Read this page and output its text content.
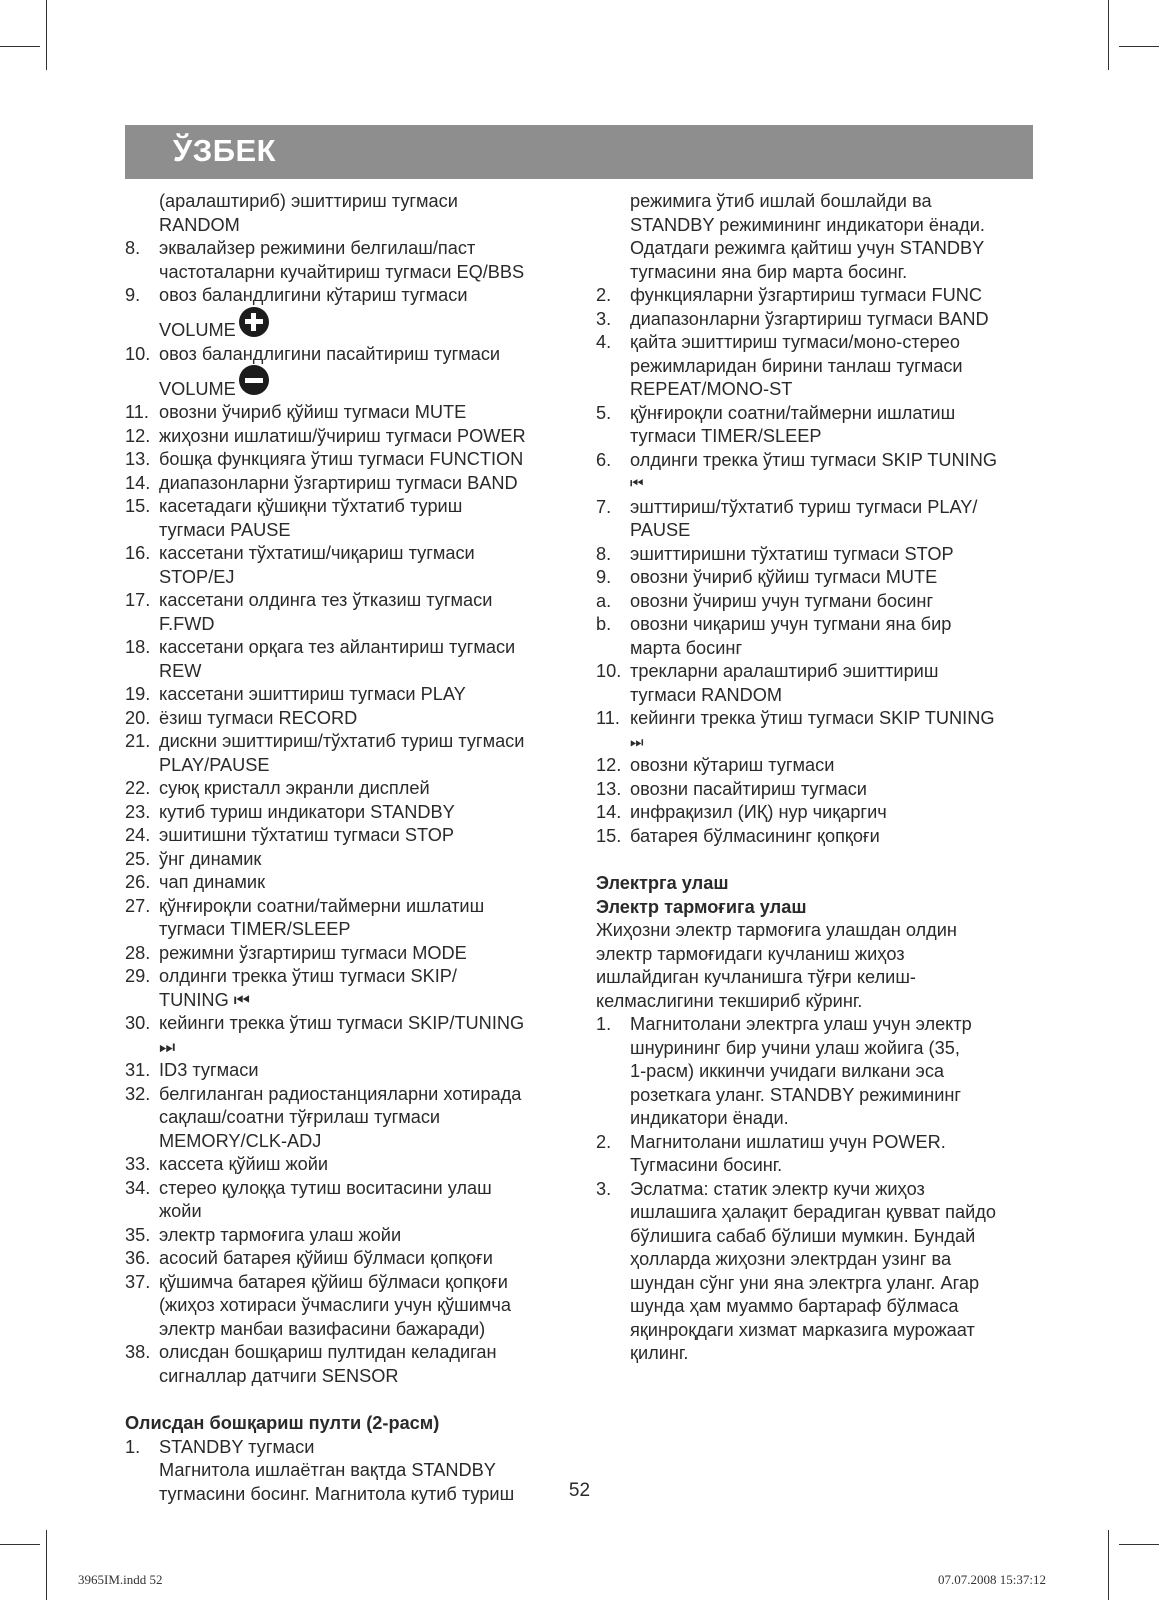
ЎЗБЕК
(аралаштириб) эшиттириш тугмаси
RANDOM
8. эквалайзер режимини белгилаш/паст
частоталарни кучайтириш тугмаси EQ/BBS
9. овоз баландлигини кўтариш тугмаси
VOLUME
10. овоз баландлигини пасайтириш тугмаси
VOLUME
11. овозни ўчириб қўйиш тугмаси MUTE
12. жиҳозни ишлатиш/ўчириш тугмаси POWER
13. бошқа функцияга ўтиш тугмаси FUNCTION
14. диапазонларни ўзгартириш тугмаси BAND
15. касетадаги қўшиқни тўхтатиб туриш
тугмаси PAUSE
16. кассетани тўхтатиш/чиқариш тугмаси
STOP/EJ
17. кассетани олдинга тез ўтказиш тугмаси
F.FWD
18. кассетани орқага тез айлантириш тугмаси
REW
19. кассетани эшиттириш тугмаси PLAY
20. ёзиш тугмаси RECORD
21. дискни эшиттириш/тўхтатиб туриш тугмаси
PLAY/PAUSE
22. суюқ кристалл экранли дисплей
23. кутиб туриш индикатори STANDBY
24. эшитишни тўхтатиш тугмаси STOP
25. ўнг динамик
26. чап динамик
27. қўнғироқли соатни/таймерни ишлатиш
тугмаси TIMER/SLEEP
28. режимни ўзгартириш тугмаси MODE
29. олдинги трекка ўтиш тугмаси SKIP/
TUNING ⏮
30. кейинги трекка ўтиш тугмаси SKIP/TUNING
⏭
31. ID3 тугмаси
32. белгиланган радиостанцияларни хотирада
сақлаш/соатни тўғрилаш тугмаси
MEMORY/CLK-ADJ
33. кассета қўйиш жойи
34. стерео қулоққа тутиш воситасини улаш
жойи
35. электр тармоғига улаш жойи
36. асосий батарея қўйиш бўлмаси қопқоғи
37. қўшимча батарея қўйиш бўлмаси қопқоғи
(жиҳоз хотираси ўчмаслиги учун қўшимча
электр манбаи вазифасини бажаради)
38. олисдан бошқариш пултидан келадиган
сигналлар датчиги SENSOR
Олисдан бошқариш пулти (2-расм)
1. STANDBY тугмаси
Магнитола ишлаётган вақтда STANDBY
тугмасини босинг. Магнитола кутиб туриш
режимига ўтиб ишлай бошлайди ва
STANDBY режимининг индикатори ёнади.
Одатдаги режимга қайтиш учун STANDBY
тугмасини яна бир марта босинг.
2. функцияларни ўзгартириш тугмаси FUNC
3. диапазонларни ўзгартириш тугмаси BAND
4. қайта эшиттириш тугмаси/моно-стерео
режимларидан бирини танлаш тугмаси
REPEAT/MONO-ST
5. қўнғироқли соатни/таймерни ишлатиш
тугмаси TIMER/SLEEP
6. олдинги трекка ўтиш тугмаси SKIP TUNING
⏮
7. эшттириш/тўхтатиб туриш тугмаси PLAY/
PAUSE
8. эшиттиришни тўхтатиш тугмаси STOP
9. овозни ўчириб қўйиш тугмаси MUTE
a. овозни ўчириш учун тугмани босинг
b. овозни чиқариш учун тугмани яна бир
марта босинг
10. трекларни аралаштириб эшиттириш
тугмаси RANDOM
11. кейинги трекка ўтиш тугмаси SKIP TUNING
⏭
12. овозни кўтариш тугмаси
13. овозни пасайтириш тугмаси
14. инфрақизил (ИҚ) нур чиқаргич
15. батарея бўлмасининг қопқоғи
Электрга улаш
Электр тармоғига улаш
Жиҳозни электр тармоғига улашдан олдин
электр тармоғидаги кучланиш жиҳоз
ишлайдиган кучланишга тўғри келиш-
келмаслигини текшириб кўринг.
1. Магнитолани электрга улаш учун электр
шнурининг бир учини улаш жойига (35,
1-расм) иккинчи учидаги вилкани эса
розеткага уланг. STANDBY режимининг
индикатори ёнади.
2. Магнитолани ишлатиш учун POWER.
Тугмасини босинг.
3. Эслатма: статик электр кучи жиҳоз
ишлашига ҳалақит берадиган қувват пайдо
бўлишига сабаб бўлиши мумкин. Бундай
ҳолларда жиҳозни электрдан узинг ва
шундан сўнг уни яна электрга уланг. Агар
шунда ҳам муаммо бартараф бўлмаса
яқинроқдаги хизмат марказига мурожаат
қилинг.
52
3965IM.indd 52	07.07.2008 15:37:12
